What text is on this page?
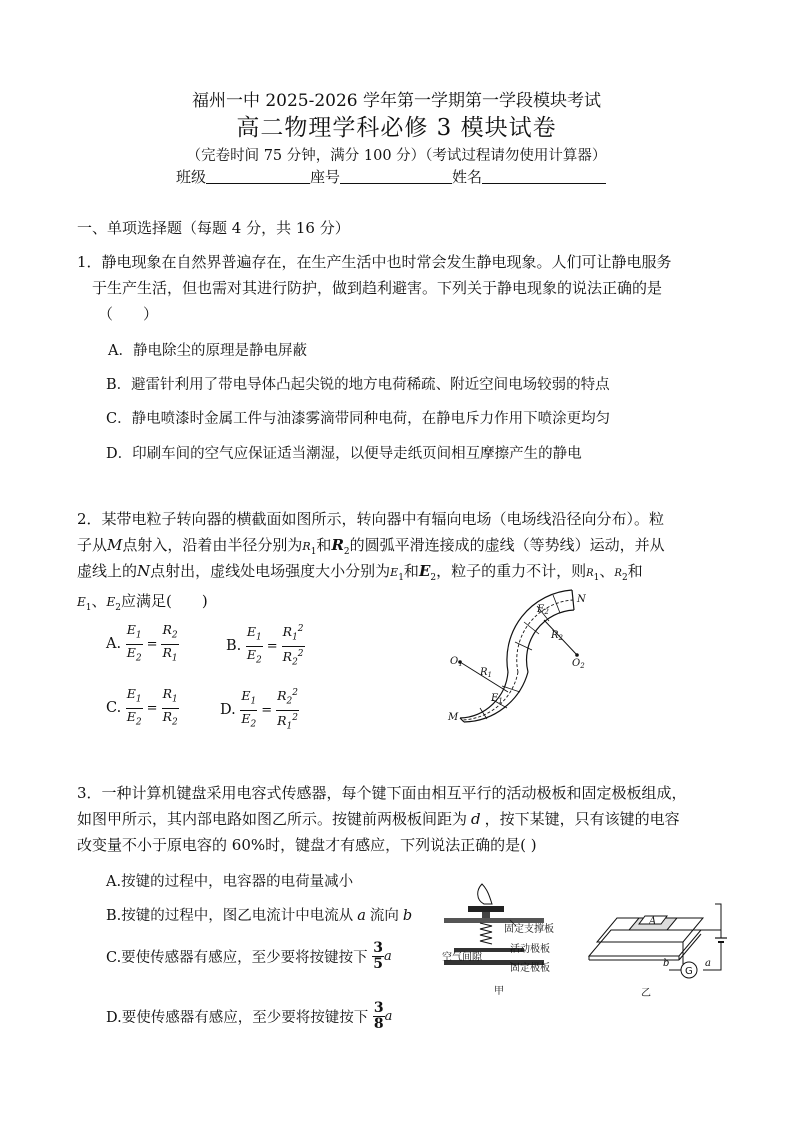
福州一中 2025-2026 学年第一学期第一学段模块考试
高二物理学科必修 3 模块试卷
（完卷时间 75 分钟，满分 100 分）（考试过程请勿使用计算器）
班级	座号	姓名
一、单项选择题（每题 4 分，共 16 分）
1．静电现象在自然界普遍存在，在生产生活中也时常会发生静电现象。人们可让静电服务
于生产生活，但也需对其进行防护，做到趋利避害。下列关于静电现象的说法正确的是
（　　）
A．静电除尘的原理是静电屏蔽
B．避雷针利用了带电导体凸起尖锐的地方电荷稀疏、附近空间电场较弱的特点
C．静电喷漆时金属工件与油漆雾滴带同种电荷，在静电斥力作用下喷涂更均匀
D．印刷车间的空气应保证适当潮湿，以便导走纸页间相互摩擦产生的静电
2．某带电粒子转向器的横截面如图所示，转向器中有辐向电场（电场线沿径向分布）。粒
子从M点射入，沿着由半径分别为$R_1$和$R_2$的圆弧平滑连接成的虚线（等势线）运动，并从
虚线上的N点射出，虚线处电场强度大小分别为$E_1$和$E_2$，粒子的重力不计，则$R_1$、$R_2$和
$E_1$、$E_2$应满足(　　)
A. $\frac{E_1}{E_2} = \frac{R_2}{R_1}$	B. $\frac{E_1}{E_2} = \frac{R_1^2}{R_2^2}$
C. $\frac{E_1}{E_2} = \frac{R_1}{R_2}$	D. $\frac{E_1}{E_2} = \frac{R_2^2}{R_1^2}$
N
M
$O_1$	$O_2$
$R_1$
$R_2$
$E_2$
$E_1$
3．一种计算机键盘采用电容式传感器，每个键下面由相互平行的活动极板和固定极板组成，
如图甲所示，其内部电路如图乙所示。按键前两极板间距为 d ，按下某键，只有该键的电容
改变量不小于原电容的 60%时，键盘才有感应，下列说法正确的是( )
A.按键的过程中，电容器的电荷量减小
B.按键的过程中，图乙电流计中电流从 a 流向 b
C.要使传感器有感应，至少要将按键按下 $\frac{3}{5}$ a
D.要使传感器有感应，至少要将按键按下 $\frac{3}{8}$ a
固定支撑板
活动极板
空气间隙
固定极板
甲
A
G
b	a
乙
